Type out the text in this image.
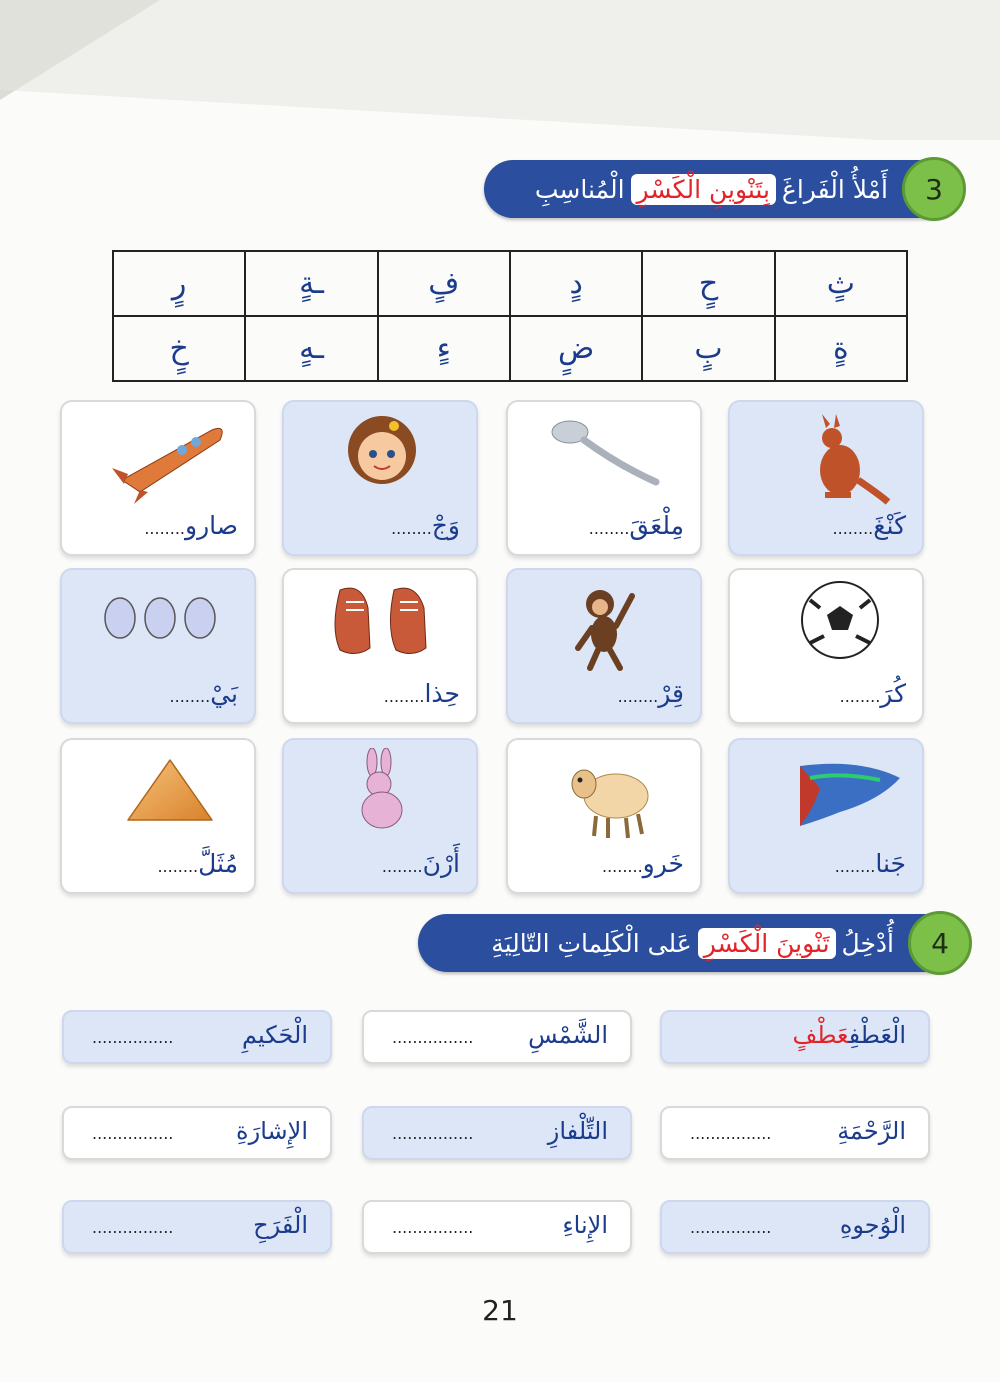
أَمْلأُ الْفَراغَ
بِتَنْوينِ الْكَسْرِ
الْمُناسِبِ	3
ثٍ	حٍ	دٍ	فٍ	ـةٍ	رٍ
ةٍ	بٍ	ضٍ	ءٍ	ـهٍ	خٍ
كَنْغَ........
مِلْعَقَ........
وَجْ........
صارو........
كُرَ........
قِرْ........
حِذا........
بَيْ........
جَنا........
خَرو........
أَرْنَ........
مُثَلَّ........
أُدْخِلُ
تَنْوينَ الْكَسْرِ
عَلى الْكَلِماتِ التّالِيَةِ	4
الْعَطْفِعَطْفٍ
الشَّمْسِ
................
الْحَكيمِ
................
الرَّحْمَةِ
................
التِّلْفازِ
................
الإِشارَةِ
................
الْوُجوهِ
................
الإِناءِ
................
الْفَرَحِ
................
21
